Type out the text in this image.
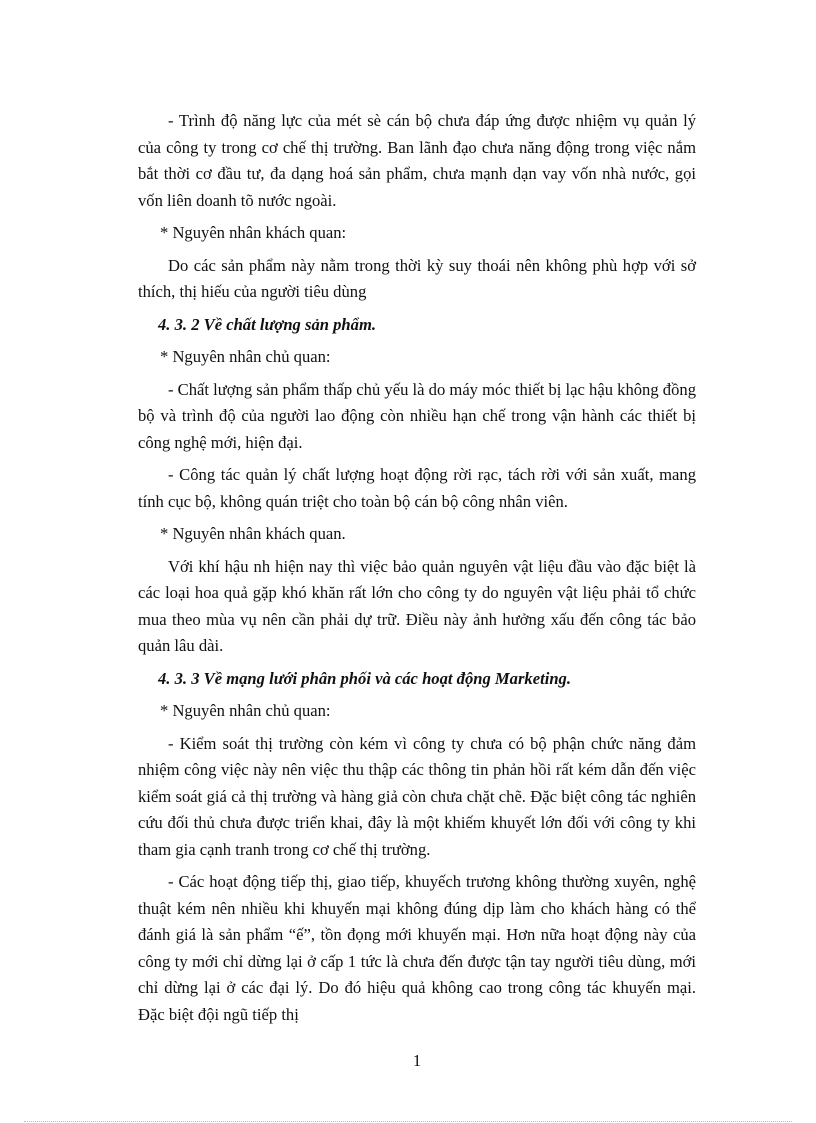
- Trình độ năng lực của mét sè cán bộ chưa đáp ứng được nhiệm vụ quản lý của công ty trong cơ chế thị trường. Ban lãnh đạo chưa năng động trong việc nắm bắt thời cơ đầu tư, đa dạng hoá sản phẩm, chưa mạnh dạn vay vốn nhà nước, gọi vốn liên doanh tõ nước ngoài.

* Nguyên nhân khách quan:

Do các sản phẩm này nằm trong thời kỳ suy thoái nên không phù hợp với sở thích, thị hiếu của người tiêu dùng

4. 3. 2 Về chất lượng sản phẩm.

* Nguyên nhân chủ quan:

- Chất lượng sản phẩm thấp chủ yếu là do máy móc thiết bị lạc hậu không đồng bộ và trình độ của người lao động còn nhiều hạn chế trong vận hành các thiết bị công nghệ mới, hiện đại.

- Công tác quản lý chất lượng hoạt động rời rạc, tách rời với sản xuất, mang tính cục bộ, không quán triệt cho toàn bộ cán bộ công nhân viên.

* Nguyên nhân khách quan.

Với khí hậu nh hiện nay thì việc bảo quản nguyên vật liệu đầu vào đặc biệt là các loại hoa quả gặp khó khăn rất lớn cho công ty do nguyên vật liệu phải tổ chức mua theo mùa vụ nên cần phải dự trữ. Điều này ảnh hưởng xấu đến công tác bảo quản lâu dài.

4. 3. 3 Về mạng lưới phân phối và các hoạt động Marketing.

* Nguyên nhân chủ quan:

- Kiểm soát thị trường còn kém vì công ty chưa có bộ phận chức năng đảm nhiệm công việc này nên việc thu thập các thông tin phản hồi rất kém dẫn đến việc kiểm soát giá cả thị trường và hàng giả còn chưa chặt chẽ. Đặc biệt công tác nghiên cứu đối thủ chưa được triển khai, đây là một khiếm khuyết lớn đối với công ty khi tham gia cạnh tranh trong cơ chế thị trường.

- Các hoạt động tiếp thị, giao tiếp, khuyếch trương không thường xuyên, nghệ thuật kém nên nhiều khi khuyến mại không đúng dịp làm cho khách hàng có thể đánh giá là sản phẩm “ế”, tồn đọng mới khuyến mại. Hơn nữa hoạt động này của công ty mới chỉ dừng lại ở cấp 1 tức là chưa đến được tận tay người tiêu dùng, mới chỉ dừng lại ở các đại lý. Do đó hiệu quả không cao trong công tác khuyến mại. Đặc biệt đội ngũ tiếp thị

1
